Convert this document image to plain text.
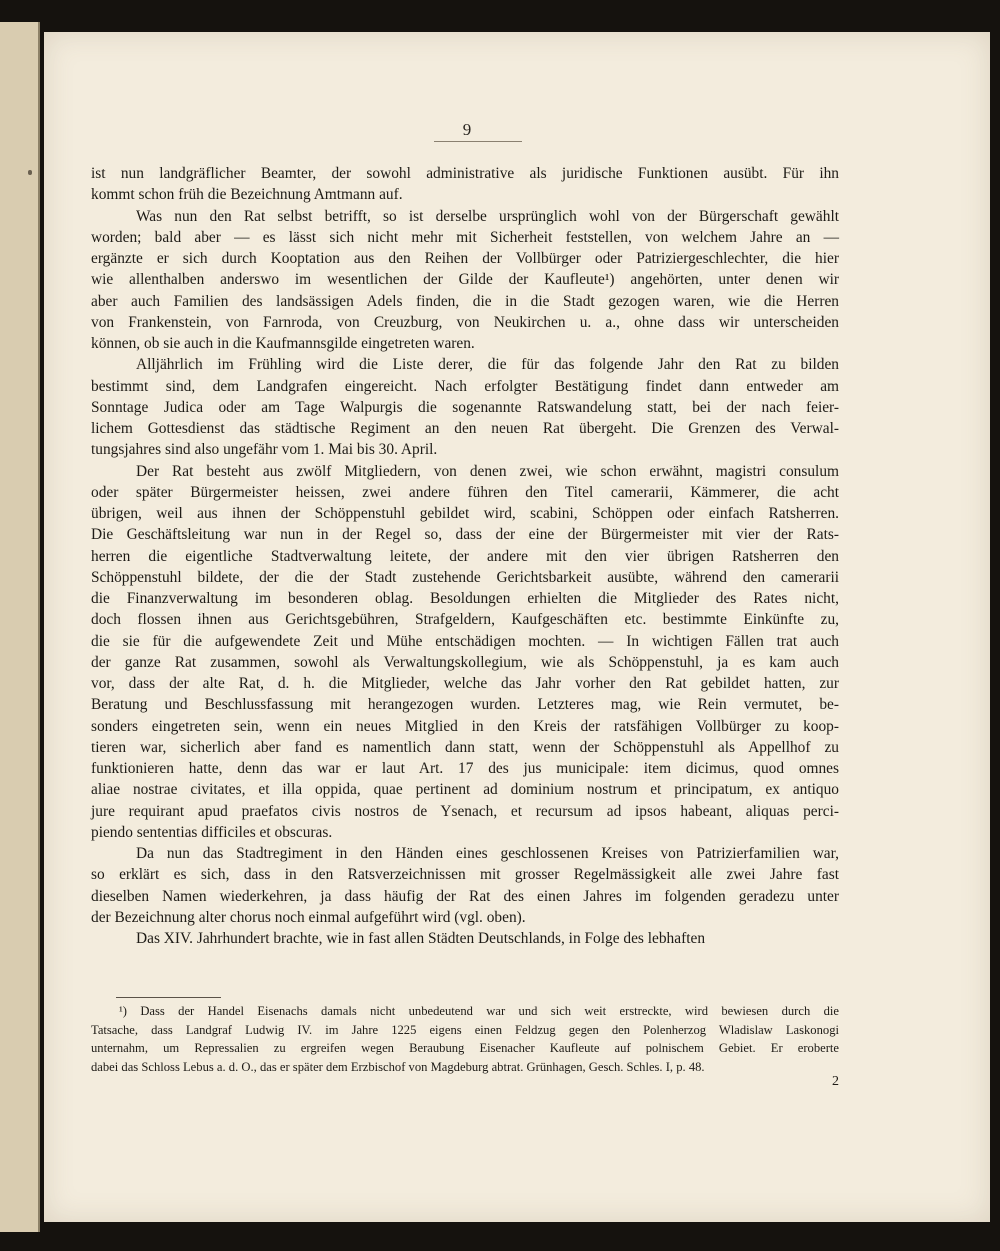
9
ist nun landgräflicher Beamter, der sowohl administrative als juridische Funktionen ausübt. Für ihn
kommt schon früh die Bezeichnung Amtmann auf.
Was nun den Rat selbst betrifft, so ist derselbe ursprünglich wohl von der Bürgerschaft gewählt
worden; bald aber — es lässt sich nicht mehr mit Sicherheit feststellen, von welchem Jahre an —
ergänzte er sich durch Kooptation aus den Reihen der Vollbürger oder Patriziergeschlechter, die hier
wie allenthalben anderswo im wesentlichen der Gilde der Kaufleute¹) angehörten, unter denen wir
aber auch Familien des landsässigen Adels finden, die in die Stadt gezogen waren, wie die Herren
von Frankenstein, von Farnroda, von Creuzburg, von Neukirchen u. a., ohne dass wir unterscheiden
können, ob sie auch in die Kaufmannsgilde eingetreten waren.
Alljährlich im Frühling wird die Liste derer, die für das folgende Jahr den Rat zu bilden
bestimmt sind, dem Landgrafen eingereicht. Nach erfolgter Bestätigung findet dann entweder am
Sonntage Judica oder am Tage Walpurgis die sogenannte Ratswandelung statt, bei der nach feier-
lichem Gottesdienst das städtische Regiment an den neuen Rat übergeht. Die Grenzen des Verwal-
tungsjahres sind also ungefähr vom 1. Mai bis 30. April.
Der Rat besteht aus zwölf Mitgliedern, von denen zwei, wie schon erwähnt, magistri consulum
oder später Bürgermeister heissen, zwei andere führen den Titel camerarii, Kämmerer, die acht
übrigen, weil aus ihnen der Schöppenstuhl gebildet wird, scabini, Schöppen oder einfach Ratsherren.
Die Geschäftsleitung war nun in der Regel so, dass der eine der Bürgermeister mit vier der Rats-
herren die eigentliche Stadtverwaltung leitete, der andere mit den vier übrigen Ratsherren den
Schöppenstuhl bildete, der die der Stadt zustehende Gerichtsbarkeit ausübte, während den camerarii
die Finanzverwaltung im besonderen oblag. Besoldungen erhielten die Mitglieder des Rates nicht,
doch flossen ihnen aus Gerichtsgebühren, Strafgeldern, Kaufgeschäften etc. bestimmte Einkünfte zu,
die sie für die aufgewendete Zeit und Mühe entschädigen mochten. — In wichtigen Fällen trat auch
der ganze Rat zusammen, sowohl als Verwaltungskollegium, wie als Schöppenstuhl, ja es kam auch
vor, dass der alte Rat, d. h. die Mitglieder, welche das Jahr vorher den Rat gebildet hatten, zur
Beratung und Beschlussfassung mit herangezogen wurden. Letzteres mag, wie Rein vermutet, be-
sonders eingetreten sein, wenn ein neues Mitglied in den Kreis der ratsfähigen Vollbürger zu koop-
tieren war, sicherlich aber fand es namentlich dann statt, wenn der Schöppenstuhl als Appellhof zu
funktionieren hatte, denn das war er laut Art. 17 des jus municipale: item dicimus, quod omnes
aliae nostrae civitates, et illa oppida, quae pertinent ad dominium nostrum et principatum, ex antiquo
jure requirant apud praefatos civis nostros de Ysenach, et recursum ad ipsos habeant, aliquas perci-
piendo sententias difficiles et obscuras.
Da nun das Stadtregiment in den Händen eines geschlossenen Kreises von Patrizierfamilien war,
so erklärt es sich, dass in den Ratsverzeichnissen mit grosser Regelmässigkeit alle zwei Jahre fast
dieselben Namen wiederkehren, ja dass häufig der Rat des einen Jahres im folgenden geradezu unter
der Bezeichnung alter chorus noch einmal aufgeführt wird (vgl. oben).
Das XIV. Jahrhundert brachte, wie in fast allen Städten Deutschlands, in Folge des lebhaften
¹) Dass der Handel Eisenachs damals nicht unbedeutend war und sich weit erstreckte, wird bewiesen durch die
Tatsache, dass Landgraf Ludwig IV. im Jahre 1225 eigens einen Feldzug gegen den Polenherzog Wladislaw Laskonogi
unternahm, um Repressalien zu ergreifen wegen Beraubung Eisenacher Kaufleute auf polnischem Gebiet. Er eroberte
dabei das Schloss Lebus a. d. O., das er später dem Erzbischof von Magdeburg abtrat. Grünhagen, Gesch. Schles. I, p. 48.
2
